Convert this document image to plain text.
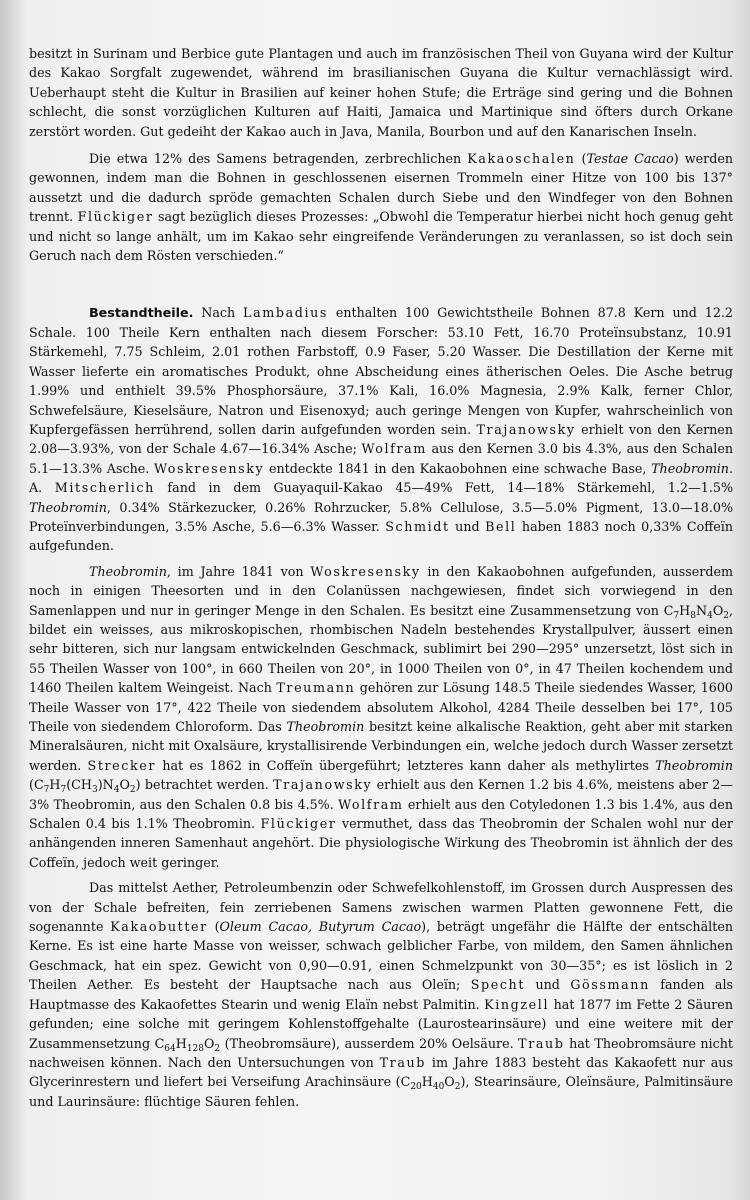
besitzt in Surinam und Berbice gute Plantagen und auch im französischen Theil von Guyana wird der Kultur des Kakao Sorgfalt zugewendet, während im brasilianischen Guyana die Kultur vernachlässigt wird. Ueberhaupt steht die Kultur in Brasilien auf keiner hohen Stufe; die Erträge sind gering und die Bohnen schlecht, die sonst vorzüglichen Kulturen auf Haiti, Jamaica und Martinique sind öfters durch Orkane zerstört worden. Gut gedeiht der Kakao auch in Java, Manila, Bourbon und auf den Kanarischen Inseln.

Die etwa 12% des Samens betragenden, zerbrechlichen Kakaoschalen (Testae Cacao) werden gewonnen, indem man die Bohnen in geschlossenen eisernen Trommeln einer Hitze von 100 bis 137° aussetzt und die dadurch spröde gemachten Schalen durch Siebe und den Windfeger von den Bohnen trennt. Flückiger sagt bezüglich dieses Prozesses: „Obwohl die Temperatur hierbei nicht hoch genug geht und nicht so lange anhält, um im Kakao sehr eingreifende Veränderungen zu veranlassen, so ist doch sein Geruch nach dem Rösten verschieden.“

Bestandtheile. Nach Lambadius enthalten 100 Gewichtstheile Bohnen 87.8 Kern und 12.2 Schale. 100 Theile Kern enthalten nach diesem Forscher: 53.10 Fett, 16.70 Proteïnsubstanz, 10.91 Stärkemehl, 7.75 Schleim, 2.01 rothen Farbstoff, 0.9 Faser, 5.20 Wasser. Die Destillation der Kerne mit Wasser lieferte ein aromatisches Produkt, ohne Abscheidung eines ätherischen Oeles. Die Asche betrug 1.99% und enthielt 39.5% Phosphorsäure, 37.1% Kali, 16.0% Magnesia, 2.9% Kalk, ferner Chlor, Schwefelsäure, Kieselsäure, Natron und Eisenoxyd; auch geringe Mengen von Kupfer, wahrscheinlich von Kupfergefässen herrührend, sollen darin aufgefunden worden sein. Trajanowsky erhielt von den Kernen 2.08—3.93%, von der Schale 4.67—16.34% Asche; Wolfram aus den Kernen 3.0 bis 4.3%, aus den Schalen 5.1—13.3% Asche. Woskresensky entdeckte 1841 in den Kakaobohnen eine schwache Base, Theobromin. A. Mitscherlich fand in dem Guayaquil-Kakao 45—49% Fett, 14—18% Stärkemehl, 1.2—1.5% Theobromin, 0.34% Stärkezucker, 0.26% Rohrzucker, 5.8% Cellulose, 3.5—5.0% Pigment, 13.0—18.0% Proteïnverbindungen, 3.5% Asche, 5.6—6.3% Wasser. Schmidt und Bell haben 1883 noch 0,33% Coffeïn aufgefunden.

Theobromin, im Jahre 1841 von Woskresensky in den Kakaobohnen aufgefunden, ausserdem noch in einigen Theesorten und in den Colanüssen nachgewiesen, findet sich vorwiegend in den Samenlappen und nur in geringer Menge in den Schalen. Es besitzt eine Zusammensetzung von $C_7H_8N_4O_2$, bildet ein weisses, aus mikroskopischen, rhombischen Nadeln bestehendes Krystallpulver, äussert einen sehr bitteren, sich nur langsam entwickelnden Geschmack, sublimirt bei 290—295° unzersetzt, löst sich in 55 Theilen Wasser von 100°, in 660 Theilen von 20°, in 1000 Theilen von 0°, in 47 Theilen kochendem und 1460 Theilen kaltem Weingeist. Nach Treumann gehören zur Lösung 148.5 Theile siedendes Wasser, 1600 Theile Wasser von 17°, 422 Theile von siedendem absolutem Alkohol, 4284 Theile desselben bei 17°, 105 Theile von siedendem Chloroform. Das Theobromin besitzt keine alkalische Reaktion, geht aber mit starken Mineralsäuren, nicht mit Oxalsäure, krystallisirende Verbindungen ein, welche jedoch durch Wasser zersetzt werden. Strecker hat es 1862 in Coffeïn übergeführt; letzteres kann daher als methylirtes Theobromin $(C_7H_7(CH_3)N_4O_2)$ betrachtet werden. Trajanowsky erhielt aus den Kernen 1.2 bis 4.6%, meistens aber 2—3% Theobromin, aus den Schalen 0.8 bis 4.5%. Wolfram erhielt aus den Cotyledonen 1.3 bis 1.4%, aus den Schalen 0.4 bis 1.1% Theobromin. Flückiger vermuthet, dass das Theobromin der Schalen wohl nur der anhängenden inneren Samenhaut angehört. Die physiologische Wirkung des Theobromin ist ähnlich der des Coffeïn, jedoch weit geringer.

Das mittelst Aether, Petroleumbenzin oder Schwefelkohlenstoff, im Grossen durch Auspressen des von der Schale befreiten, fein zerriebenen Samens zwischen warmen Platten gewonnene Fett, die sogenannte Kakaobutter (Oleum Cacao, Butyrum Cacao), beträgt ungefähr die Hälfte der entschälten Kerne. Es ist eine harte Masse von weisser, schwach gelblicher Farbe, von mildem, den Samen ähnlichen Geschmack, hat ein spez. Gewicht von 0,90—0.91, einen Schmelzpunkt von 30—35°; es ist löslich in 2 Theilen Aether. Es besteht der Hauptsache nach aus Oleïn; Specht und Gössmann fanden als Hauptmasse des Kakaofettes Stearin und wenig Elaïn nebst Palmitin. Kingzell hat 1877 im Fette 2 Säuren gefunden; eine solche mit geringem Kohlenstoffgehalte (Laurostearinsäure) und eine weitere mit der Zusammensetzung $C_{64}H_{128}O_2$ (Theobromsäure), ausserdem 20% Oelsäure. Traub hat Theobromsäure nicht nachweisen können. Nach den Untersuchungen von Traub im Jahre 1883 besteht das Kakaofett nur aus Glycerinrestern und liefert bei Verseifung Arachinsäure $(C_{20}H_{40}O_2)$, Stearinsäure, Oleïnsäure, Palmitinsäure und Laurinsäure: flüchtige Säuren fehlen.
